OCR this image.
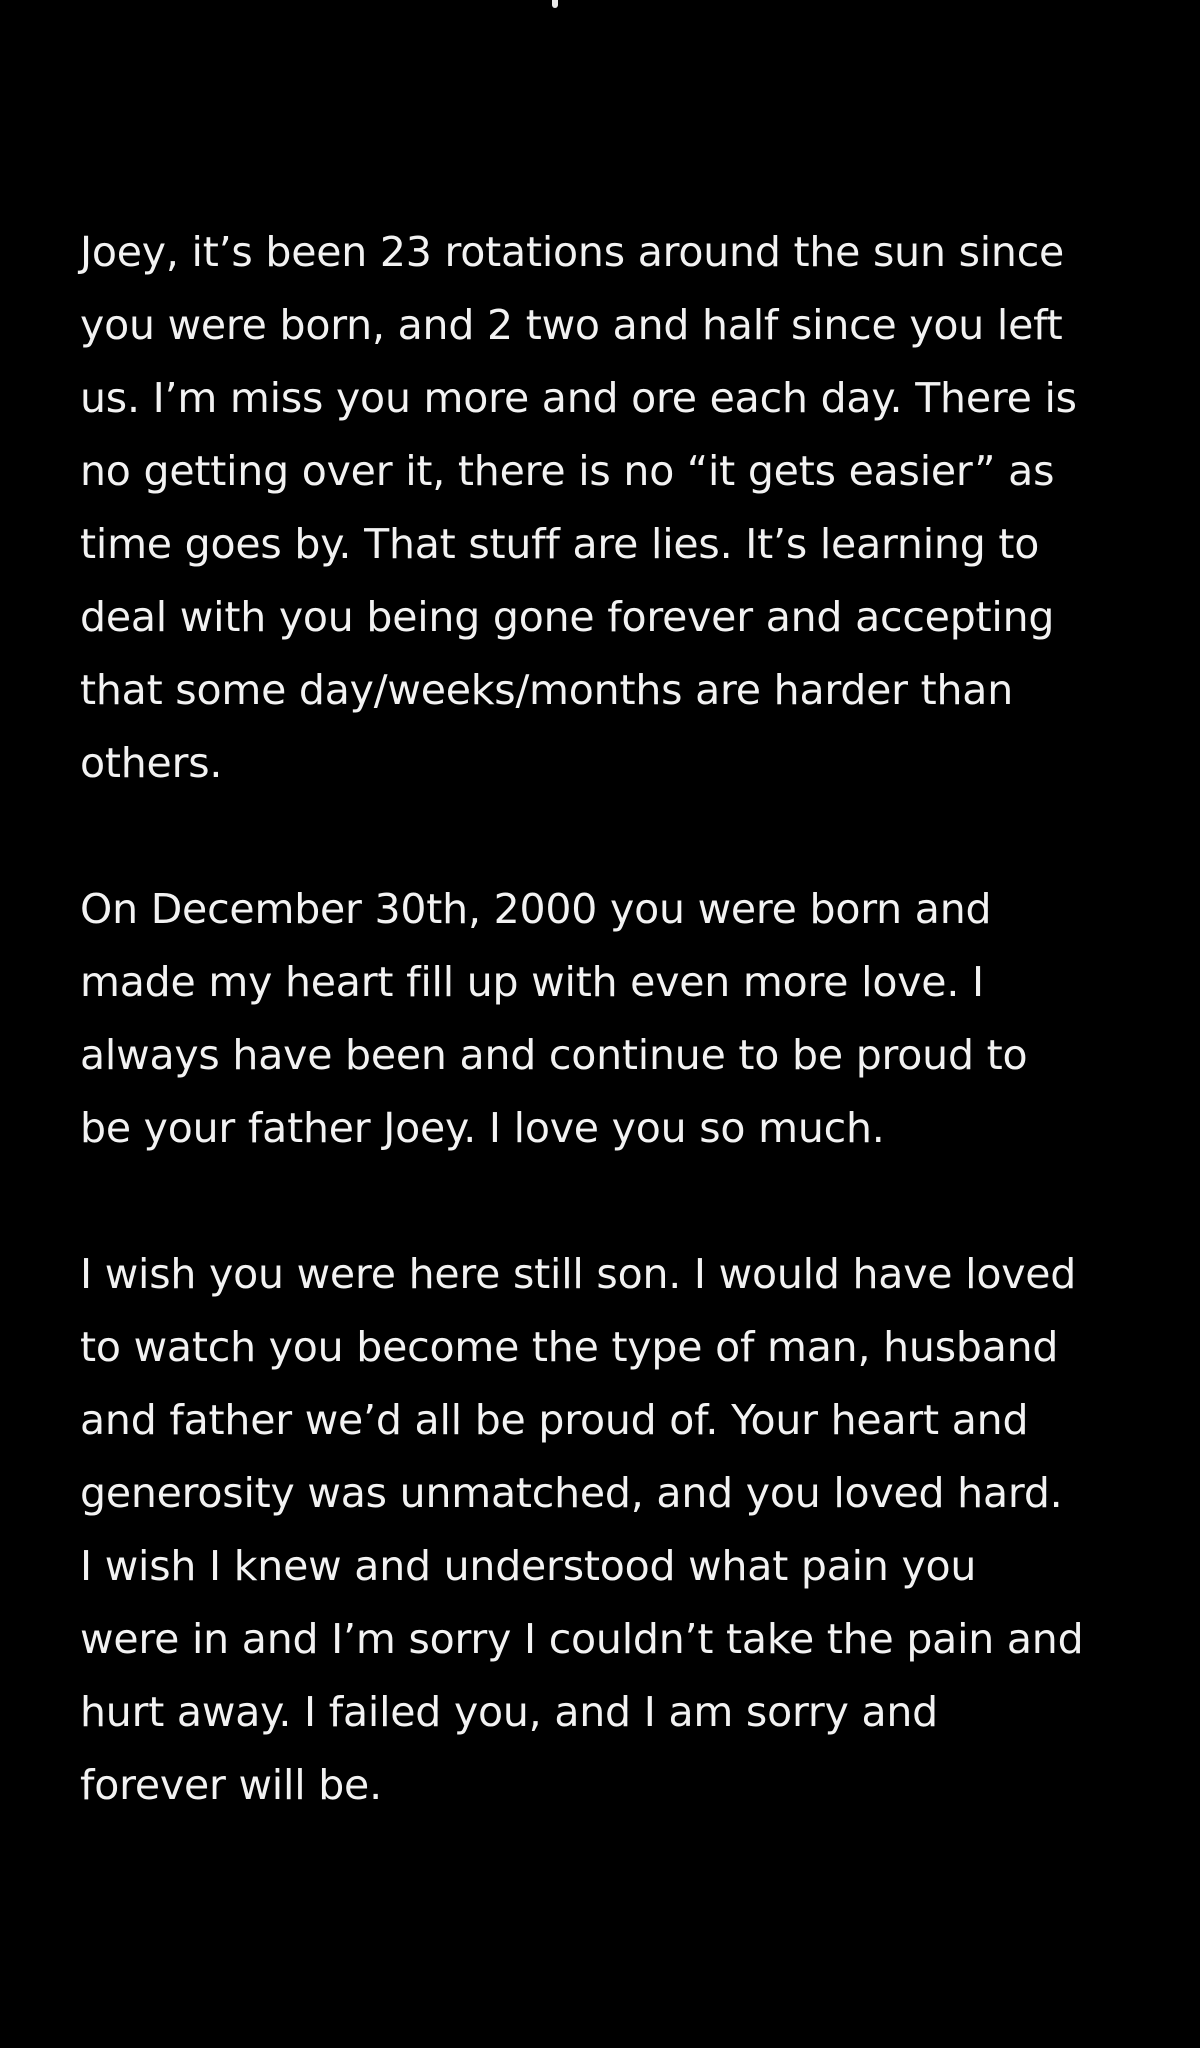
Joey, it’s been 23 rotations around the sun since
you were born, and 2 two and half since you left
us. I’m miss you more and ore each day. There is
no getting over it, there is no “it gets easier” as
time goes by. That stuff are lies. It’s learning to
deal with you being gone forever and accepting
that some day/weeks/months are harder than
others.

On December 30th, 2000 you were born and
made my heart fill up with even more love. I
always have been and continue to be proud to
be your father Joey. I love you so much.

I wish you were here still son. I would have loved
to watch you become the type of man, husband
and father we’d all be proud of. Your heart and
generosity was unmatched, and you loved hard.
I wish I knew and understood what pain you
were in and I’m sorry I couldn’t take the pain and
hurt away. I failed you, and I am sorry and
forever will be.
